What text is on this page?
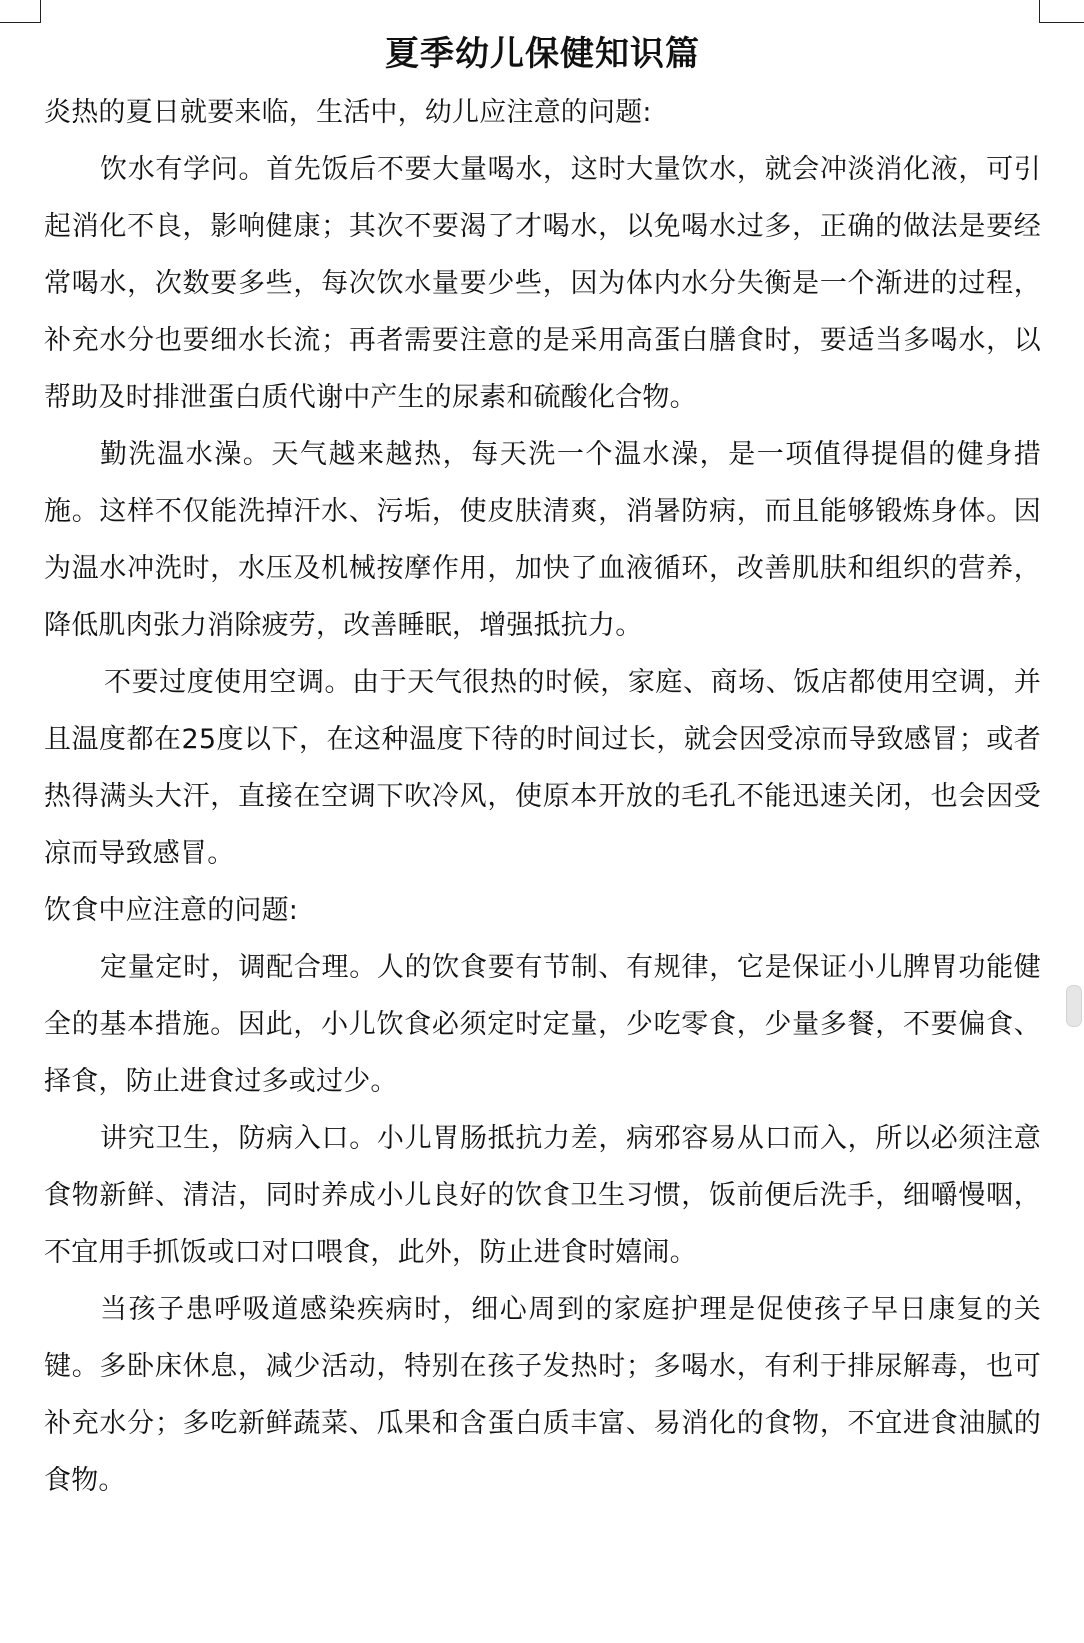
夏季幼儿保健知识篇

炎热的夏日就要来临，生活中，幼儿应注意的问题:

饮水有学问。首先饭后不要大量喝水，这时大量饮水，就会冲淡消化液，可引起消化不良，影响健康；其次不要渴了才喝水，以免喝水过多，正确的做法是要经常喝水，次数要多些，每次饮水量要少些，因为体内水分失衡是一个渐进的过程，补充水分也要细水长流；再者需要注意的是采用高蛋白膳食时，要适当多喝水，以帮助及时排泄蛋白质代谢中产生的尿素和硫酸化合物。

勤洗温水澡。天气越来越热，每天洗一个温水澡，是一项值得提倡的健身措施。这样不仅能洗掉汗水、污垢，使皮肤清爽，消暑防病，而且能够锻炼身体。因为温水冲洗时，水压及机械按摩作用，加快了血液循环，改善肌肤和组织的营养，降低肌肉张力消除疲劳，改善睡眠，增强抵抗力。

不要过度使用空调。由于天气很热的时候，家庭、商场、饭店都使用空调，并且温度都在25度以下，在这种温度下待的时间过长，就会因受凉而导致感冒；或者热得满头大汗，直接在空调下吹冷风，使原本开放的毛孔不能迅速关闭，也会因受凉而导致感冒。

饮食中应注意的问题:

定量定时，调配合理。人的饮食要有节制、有规律，它是保证小儿脾胃功能健全的基本措施。因此，小儿饮食必须定时定量，少吃零食，少量多餐，不要偏食、择食，防止进食过多或过少。

讲究卫生，防病入口。小儿胃肠抵抗力差，病邪容易从口而入，所以必须注意食物新鲜、清洁，同时养成小儿良好的饮食卫生习惯，饭前便后洗手，细嚼慢咽，不宜用手抓饭或口对口喂食，此外，防止进食时嬉闹。

当孩子患呼吸道感染疾病时，细心周到的家庭护理是促使孩子早日康复的关键。多卧床休息，减少活动，特别在孩子发热时；多喝水，有利于排尿解毒，也可补充水分；多吃新鲜蔬菜、瓜果和含蛋白质丰富、易消化的食物，不宜进食油腻的食物。
